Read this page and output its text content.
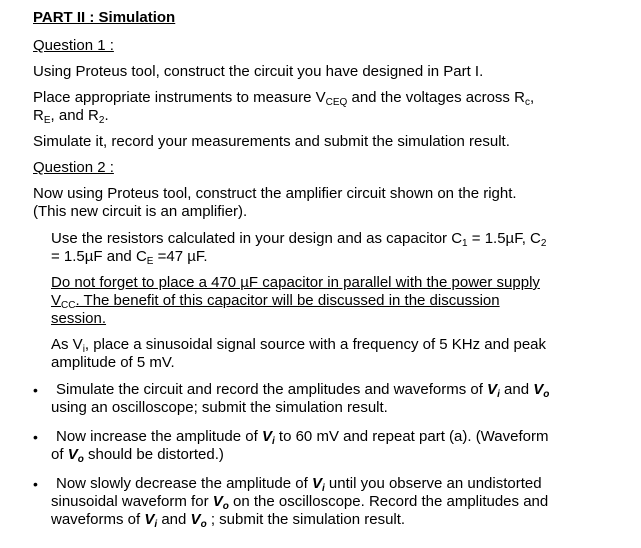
PART II : Simulation
Question 1 :
Using Proteus tool, construct the circuit you have designed in Part I.
Place appropriate instruments to measure $V_{CEQ}$ and the voltages across $R_c$,
$R_E$, and $R_2$.
Simulate it, record your measurements and submit the simulation result.
Question 2 :
Now using Proteus tool, construct the amplifier circuit shown on the right.
(This new circuit is an amplifier).
Use the resistors calculated in your design and as capacitor $C_1 = 1.5\mu F$, $C_2$
= 1.5µF and $C_E =47$ µF.
Do not forget to place a 470 µF capacitor in parallel with the power supply
$V_{CC}$. The benefit of this capacitor will be discussed in the discussion
session.
As $V_i$, place a sinusoidal signal source with a frequency of 5 KHz and peak
amplitude of 5 mV.
• Simulate the circuit and record the amplitudes and waveforms of $V_i$ and $V_o$
using an oscilloscope; submit the simulation result.
• Now increase the amplitude of $V_i$ to 60 mV and repeat part (a). (Waveform
of $V_o$ should be distorted.)
• Now slowly decrease the amplitude of $V_i$ until you observe an undistorted
sinusoidal waveform for $V_o$ on the oscilloscope. Record the amplitudes and
waveforms of $V_i$ and $V_o$ ; submit the simulation result.
